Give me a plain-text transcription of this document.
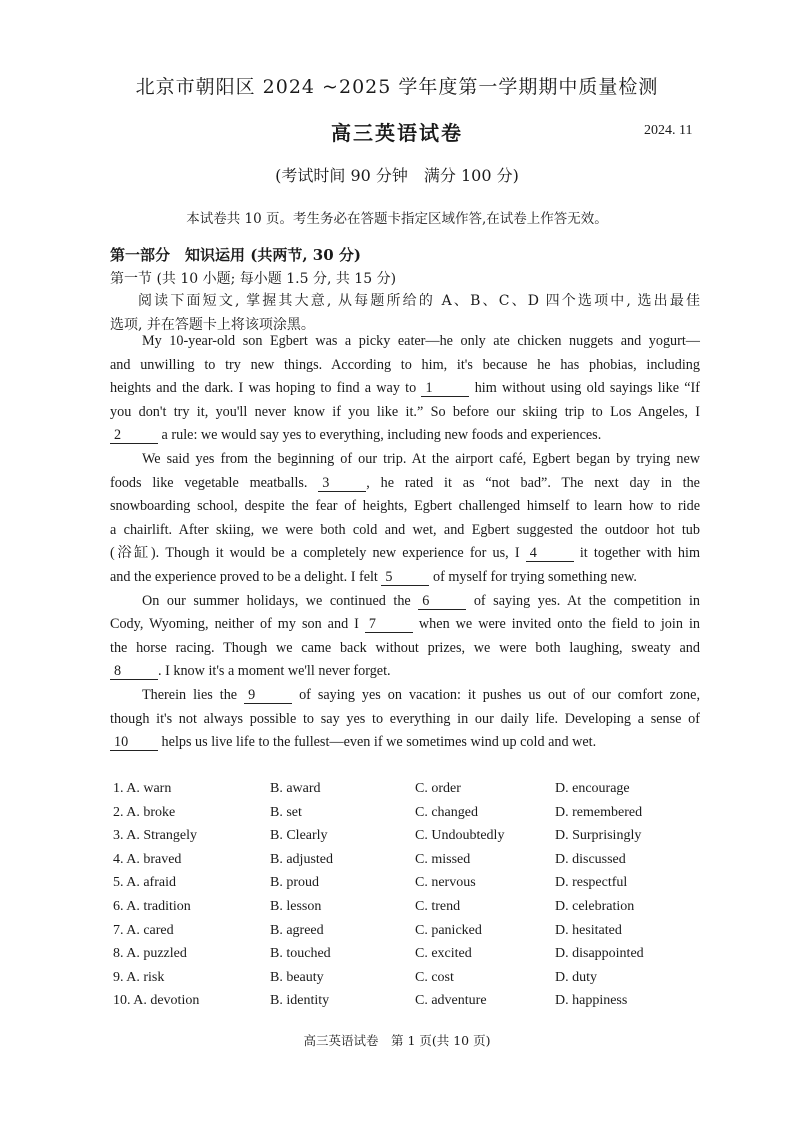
北京市朝阳区 2024 ~2025 学年度第一学期期中质量检测
高三英语试卷	2024. 11
(考试时间 90 分钟　满分 100 分)
本试卷共 10 页。考生务必在答题卡指定区域作答,在试卷上作答无效。
第一部分　知识运用 (共两节, 30 分)
第一节 (共 10 小题; 每小题 1.5 分, 共 15 分)
阅读下面短文, 掌握其大意, 从每题所给的 A、B、C、D 四个选项中, 选出最佳
选项, 并在答题卡上将该项涂黑。
My 10-year-old son Egbert was a picky eater—he only ate chicken nuggets and yogurt—
and unwilling to try new things. According to him, it's because he has phobias, including
heights and the dark. I was hoping to find a way to 1	him without using old sayings like “If
you don't try it, you'll never know if you like it.” So before our skiing trip to Los Angeles, I
2	a rule: we would say yes to everything, including new foods and experiences.
We said yes from the beginning of our trip. At the airport café, Egbert began by trying new
foods like vegetable meatballs. 3	, he rated it as “not bad”. The next day in the
snowboarding school, despite the fear of heights, Egbert challenged himself to learn how to ride
a chairlift. After skiing, we were both cold and wet, and Egbert suggested the outdoor hot tub
(浴缸). Though it would be a completely new experience for us, I 4	it together with him
and the experience proved to be a delight. I felt 5	of myself for trying something new.
On our summer holidays, we continued the 6	of saying yes. At the competition in
Cody, Wyoming, neither of my son and I 7	when we were invited onto the field to join in
the horse racing. Though we came back without prizes, we were both laughing, sweaty and
8	. I know it's a moment we'll never forget.
Therein lies the 9	of saying yes on vacation: it pushes us out of our comfort zone,
though it's not always possible to say yes to everything in our daily life. Developing a sense of
10 helps us live life to the fullest—even if we sometimes wind up cold and wet.
1. A. warn	B. award	C. order	D. encourage
2. A. broke	B. set	C. changed	D. remembered
3. A. Strangely	B. Clearly	C. Undoubtedly	D. Surprisingly
4. A. braved	B. adjusted	C. missed	D. discussed
5. A. afraid	B. proud	C. nervous	D. respectful
6. A. tradition	B. lesson	C. trend	D. celebration
7. A. cared	B. agreed	C. panicked	D. hesitated
8. A. puzzled	B. touched	C. excited	D. disappointed
9. A. risk	B. beauty	C. cost	D. duty
10. A. devotion	B. identity	C. adventure	D. happiness
高三英语试卷　第 1 页(共 10 页)
